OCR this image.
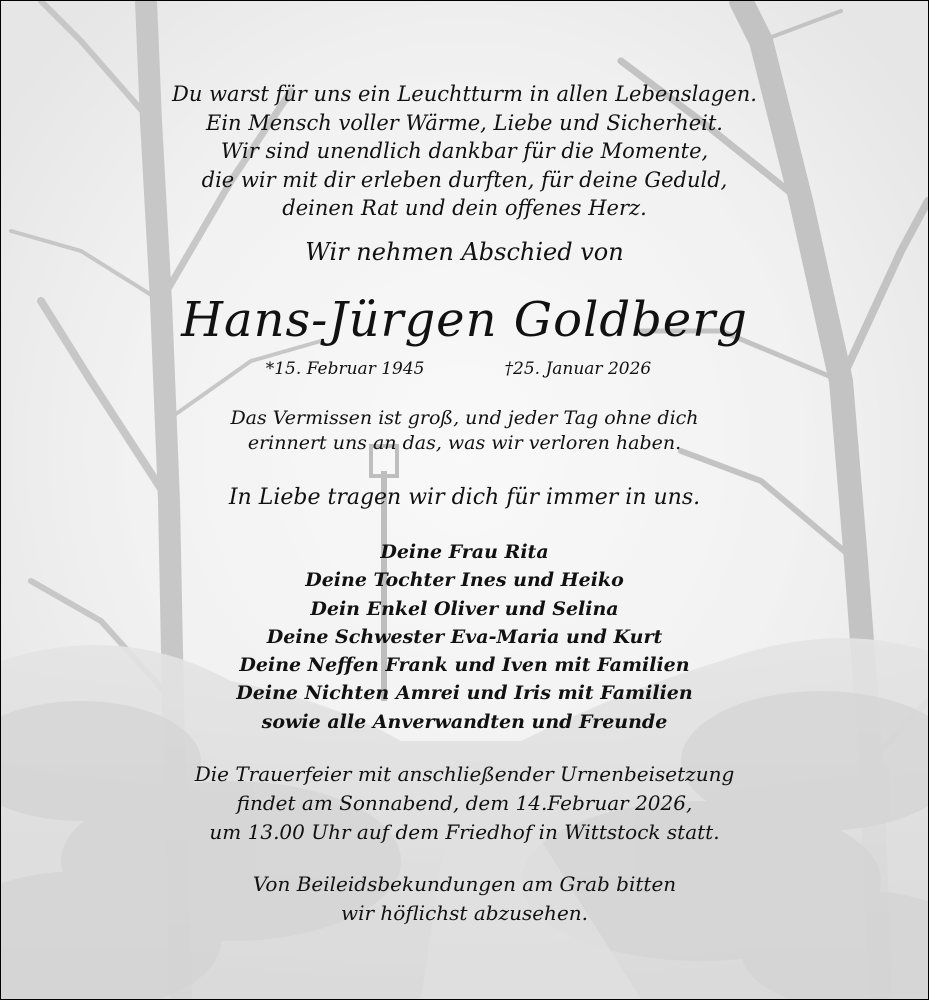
Du warst für uns ein Leuchtturm in allen Lebenslagen.
Ein Mensch voller Wärme, Liebe und Sicherheit.
Wir sind unendlich dankbar für die Momente,
die wir mit dir erleben durften, für deine Geduld,
deinen Rat und dein offenes Herz.
Wir nehmen Abschied von
Hans-Jürgen Goldberg
*15. Februar 1945	†25. Januar 2026
Das Vermissen ist groß, und jeder Tag ohne dich
erinnert uns an das, was wir verloren haben.
In Liebe tragen wir dich für immer in uns.
Deine Frau Rita
Deine Tochter Ines und Heiko
Dein Enkel Oliver und Selina
Deine Schwester Eva-Maria und Kurt
Deine Neffen Frank und Iven mit Familien
Deine Nichten Amrei und Iris mit Familien
sowie alle Anverwandten und Freunde
Die Trauerfeier mit anschließender Urnenbeisetzung
findet am Sonnabend, dem 14.Februar 2026,
um 13.00 Uhr auf dem Friedhof in Wittstock statt.
Von Beileidsbekundungen am Grab bitten
wir höflichst abzusehen.
